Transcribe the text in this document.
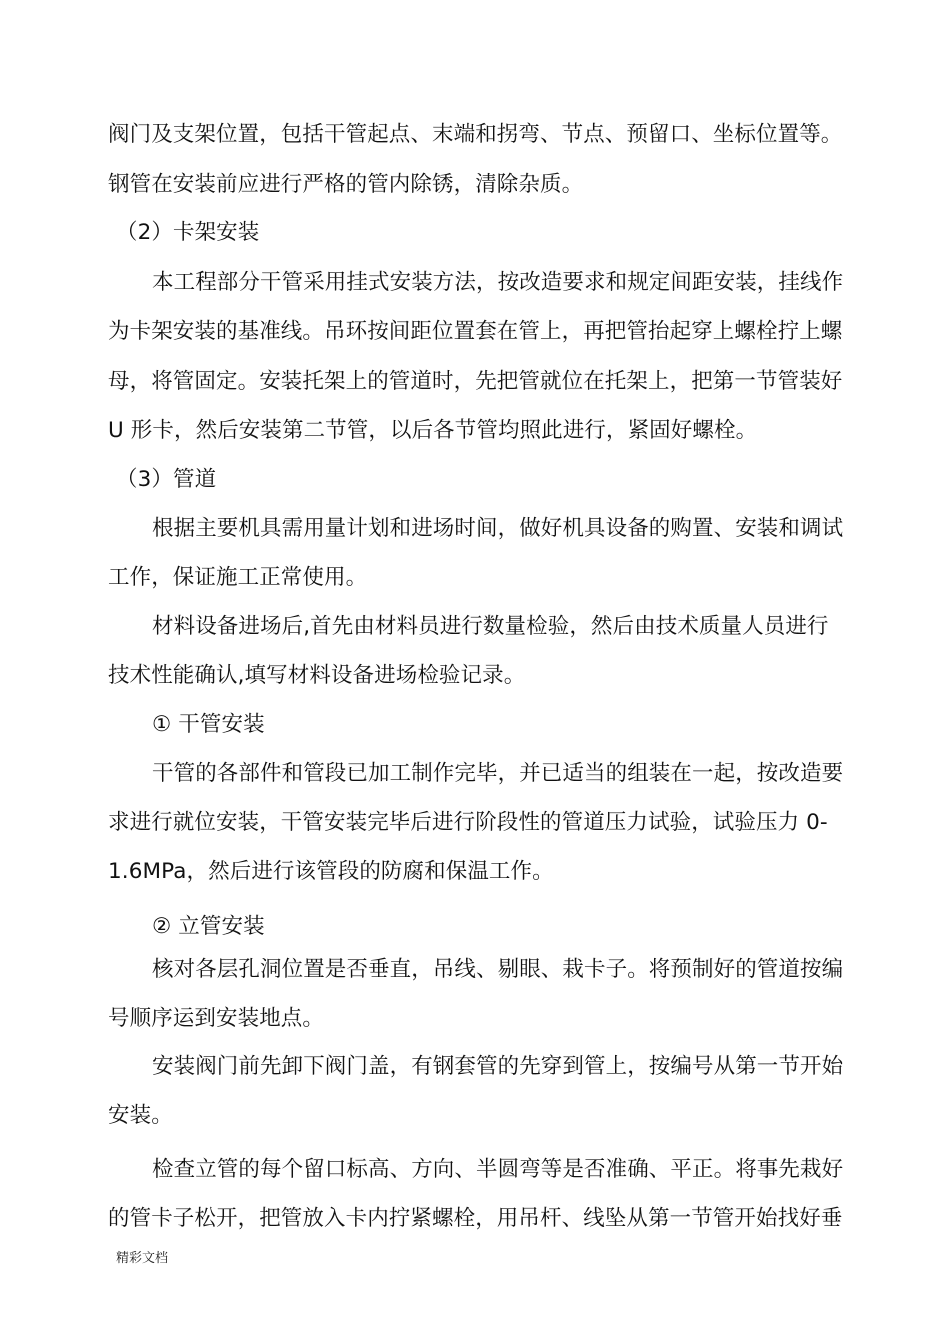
阀门及支架位置，包括干管起点、末端和拐弯、节点、预留口、坐标位置等。
钢管在安装前应进行严格的管内除锈，清除杂质。
（2）卡架安装
本工程部分干管采用挂式安装方法，按改造要求和规定间距安装，挂线作
为卡架安装的基准线。吊环按间距位置套在管上，再把管抬起穿上螺栓拧上螺
母，将管固定。安装托架上的管道时，先把管就位在托架上，把第一节管装好
U 形卡，然后安装第二节管，以后各节管均照此进行，紧固好螺栓。
（3）管道
根据主要机具需用量计划和进场时间，做好机具设备的购置、安装和调试
工作，保证施工正常使用。
材料设备进场后,首先由材料员进行数量检验，然后由技术质量人员进行
技术性能确认,填写材料设备进场检验记录。
① 干管安装
干管的各部件和管段已加工制作完毕，并已适当的组装在一起，按改造要
求进行就位安装，干管安装完毕后进行阶段性的管道压力试验，试验压力 0-
1.6MPa，然后进行该管段的防腐和保温工作。
② 立管安装
核对各层孔洞位置是否垂直，吊线、剔眼、栽卡子。将预制好的管道按编
号顺序运到安装地点。
安装阀门前先卸下阀门盖，有钢套管的先穿到管上，按编号从第一节开始
安装。
检查立管的每个留口标高、方向、半圆弯等是否准确、平正。将事先栽好
的管卡子松开，把管放入卡内拧紧螺栓，用吊杆、线坠从第一节管开始找好垂
精彩文档
